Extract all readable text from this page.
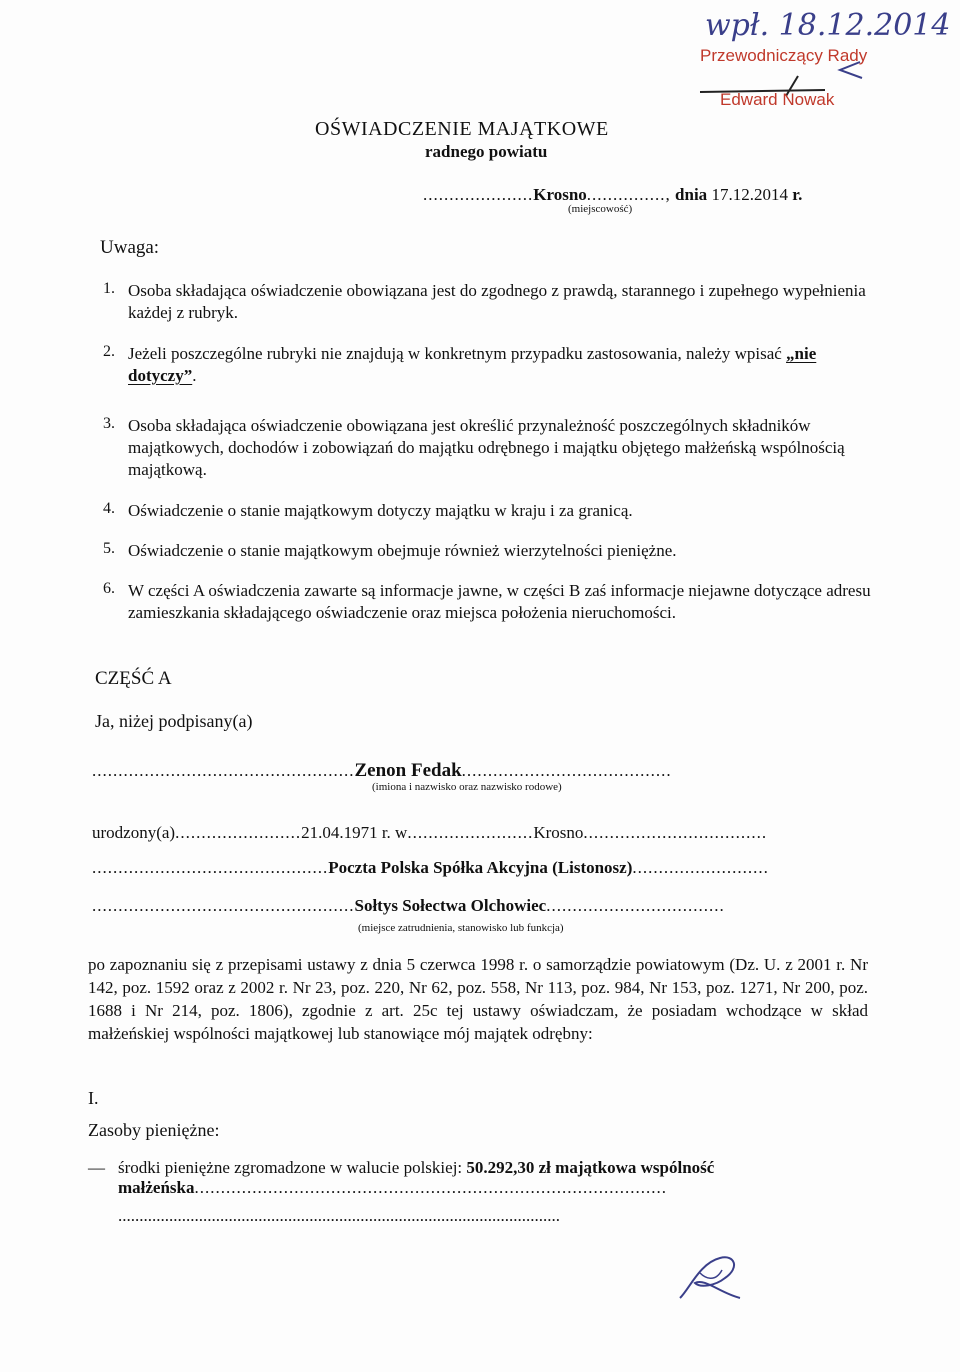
wpł. 18.12.2014
Przewodniczący Rady
Edward Nowak
OŚWIADCZENIE MAJĄTKOWE
radnego powiatu
.....................Krosno..............., dnia 17.12.2014 r.
(miejscowość)
Uwaga:
1. Osoba składająca oświadczenie obowiązana jest do zgodnego z prawdą, starannego i zupełnego wypełnienia każdej z rubryk.
2. Jeżeli poszczególne rubryki nie znajdują w konkretnym przypadku zastosowania, należy wpisać „nie dotyczy”.
3. Osoba składająca oświadczenie obowiązana jest określić przynależność poszczególnych składników majątkowych, dochodów i zobowiązań do majątku odrębnego i majątku objętego małżeńską wspólnością majątkową.
4. Oświadczenie o stanie majątkowym dotyczy majątku w kraju i za granicą.
5. Oświadczenie o stanie majątkowym obejmuje również wierzytelności pieniężne.
6. W części A oświadczenia zawarte są informacje jawne, w części B zaś informacje niejawne dotyczące adresu zamieszkania składającego oświadczenie oraz miejsca położenia nieruchomości.
CZĘŚĆ A
Ja, niżej podpisany(a)
..................................................Zenon Fedak........................................
(imiona i nazwisko oraz nazwisko rodowe)
urodzony(a)........................21.04.1971 r. w........................Krosno...................................
.............................................Poczta Polska Spółka Akcyjna (Listonosz)..........................
..................................................Sołtys Sołectwa Olchowiec..................................
(miejsce zatrudnienia, stanowisko lub funkcja)
po zapoznaniu się z przepisami ustawy z dnia 5 czerwca 1998 r. o samorządzie powiatowym (Dz. U. z 2001 r. Nr 142, poz. 1592 oraz z 2002 r. Nr 23, poz. 220, Nr 62, poz. 558, Nr 113, poz. 984, Nr 153, poz. 1271, Nr 200, poz. 1688 i Nr 214, poz. 1806), zgodnie z art. 25c tej ustawy oświadczam, że posiadam wchodzące w skład małżeńskiej wspólności majątkowej lub stanowiące mój majątek odrębny:
I.
Zasoby pieniężne:
— środki pieniężne zgromadzone w walucie polskiej: 50.292,30 zł majątkowa wspólność
małżeńska..........................................................................................
........................................................................................................
